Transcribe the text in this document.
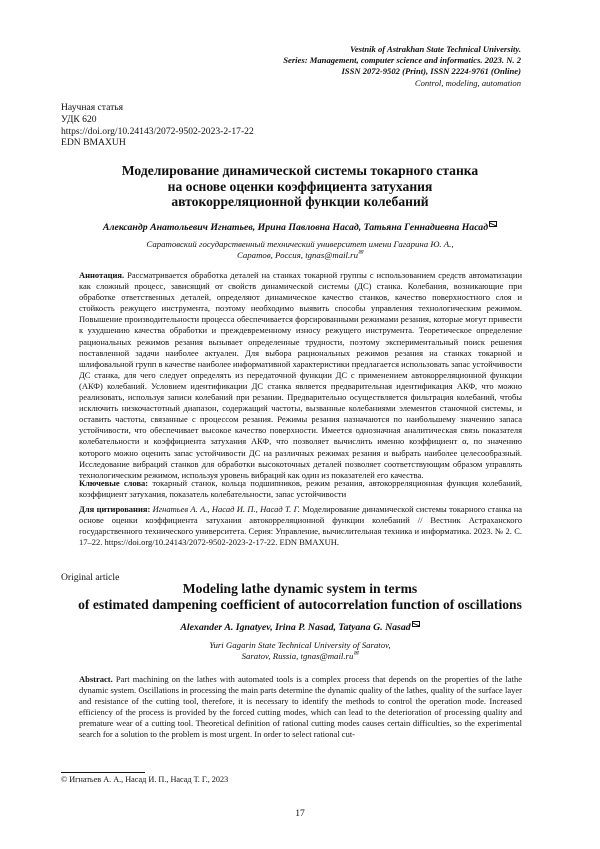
Vestnik of Astrakhan State Technical University.
Series: Management, computer science and informatics. 2023. N. 2
ISSN 2072-9502 (Print), ISSN 2224-9761 (Online)
Control, modeling, automation
Научная статья
УДК 620
https://doi.org/10.24143/2072-9502-2023-2-17-22
EDN BMAXUH
Моделирование динамической системы токарного станка
на основе оценки коэффициента затухания
автокорреляционной функции колебаний
Александр Анатольевич Игнатьев, Ирина Павловна Насад, Татьяна Геннадиевна Насад
Саратовский государственный технический университет имени Гагарина Ю. А.,
Саратов, Россия, tgnas@mail.ru✉
Аннотация. Рассматривается обработка деталей на станках токарной группы с использованием средств автоматизации как сложный процесс, зависящий от свойств динамической системы (ДС) станка. Колебания, возникающие при обработке ответственных деталей, определяют динамическое качество станков, качество поверхностного слоя и стойкость режущего инструмента, поэтому необходимо выявить способы управления технологическим режимом. Повышение производительности процесса обеспечивается форсированными режимами резания, которые могут привести к ухудшению качества обработки и преждевременному износу режущего инструмента. Теоретическое определение рациональных режимов резания вызывает определенные трудности, поэтому экспериментальный поиск решения поставленной задачи наиболее актуален. Для выбора рациональных режимов резания на станках токарной и шлифовальной групп в качестве наиболее информативной характеристики предлагается использовать запас устойчивости ДС станка, для чего следует определять из передаточной функции ДС с применением автокорреляционной функции (АКФ) колебаний. Условием идентификации ДС станка является предварительная идентификация АКФ, что можно реализовать, используя записи колебаний при резании. Предварительно осуществляется фильтрация колебаний, чтобы исключить низкочастотный диапазон, содержащий частоты, вызванные колебаниями элементов станочной системы, и оставить частоты, связанные с процессом резания. Режимы резания назначаются по наибольшему значению запаса устойчивости, что обеспечивает высокое качество поверхности. Имеется однозначная аналитическая связь показателя колебательности и коэффициента затухания АКФ, что позволяет вычислить именно коэффициент α, по значению которого можно оценить запас устойчивости ДС на различных режимах резания и выбрать наиболее целесообразный. Исследование вибраций станков для обработки высокоточных деталей позволяет соответствующим образом управлять технологическим режимом, используя уровень вибраций как один из показателей его качества.
Ключевые слова: токарный станок, кольца подшипников, режим резания, автокорреляционная функция колебаний, коэффициент затухания, показатель колебательности, запас устойчивости
Для цитирования: Игнатьев А. А., Насад И. П., Насад Т. Г. Моделирование динамической системы токарного станка на основе оценки коэффициента затухания автокорреляционной функции колебаний // Вестник Астраханского государственного технического университета. Серия: Управление, вычислительная техника и информатика. 2023. № 2. С. 17–22. https://doi.org/10.24143/2072-9502-2023-2-17-22. EDN BMAXUH.
Original article
Modeling lathe dynamic system in terms
of estimated dampening coefficient of autocorrelation function of oscillations
Alexander A. Ignatyev, Irina P. Nasad, Tatyana G. Nasad
Yuri Gagarin State Technical University of Saratov,
Saratov, Russia, tgnas@mail.ru✉
Abstract. Part machining on the lathes with automated tools is a complex process that depends on the properties of the lathe dynamic system. Oscillations in processing the main parts determine the dynamic quality of the lathes, quality of the surface layer and resistance of the cutting tool, therefore, it is necessary to identify the methods to control the operation mode. Increased efficiency of the process is provided by the forced cutting modes, which can lead to the deterioration of processing quality and premature wear of a cutting tool. Theoretical definition of rational cutting modes causes certain difficulties, so the experimental search for a solution to the problem is most urgent. In order to select rational cut-
© Игнатьев А. А., Насад И. П., Насад Т. Г., 2023
17
